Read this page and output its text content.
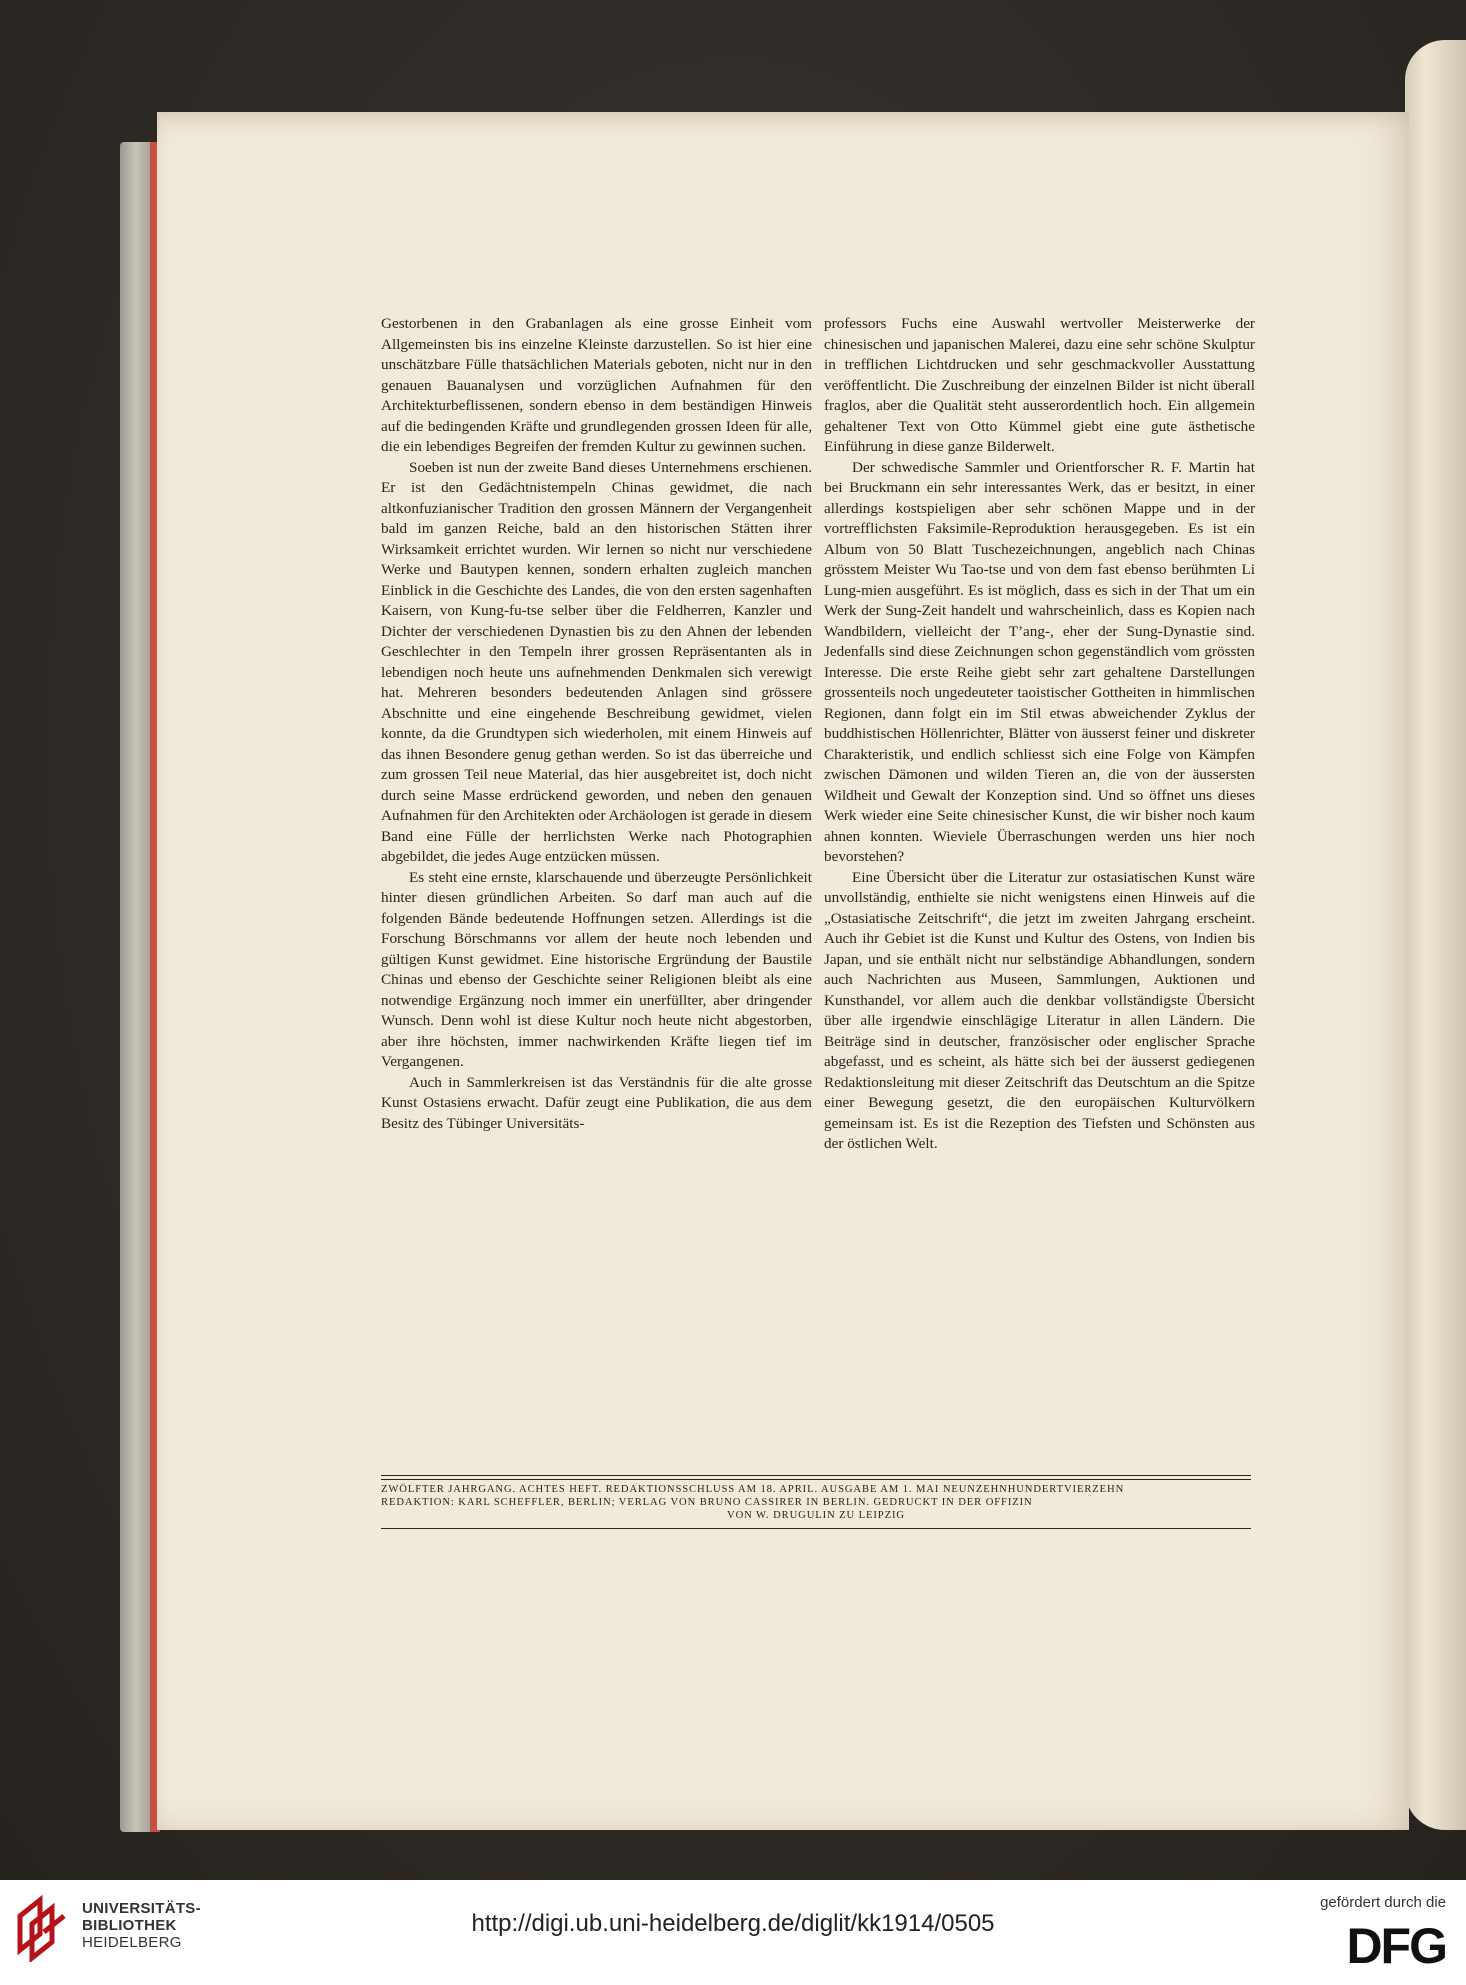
Gestorbenen in den Grabanlagen als eine grosse Einheit vom Allgemeinsten bis ins einzelne Kleinste darzustellen. So ist hier eine unschätzbare Fülle thatsächlichen Materials geboten, nicht nur in den genauen Bauanalysen und vorzüglichen Aufnahmen für den Architekturbeflissenen, sondern ebenso in dem beständigen Hinweis auf die bedingenden Kräfte und grundlegenden grossen Ideen für alle, die ein lebendiges Begreifen der fremden Kultur zu gewinnen suchen.

Soeben ist nun der zweite Band dieses Unternehmens erschienen. Er ist den Gedächtnistempeln Chinas gewidmet, die nach altkonfuzianischer Tradition den grossen Männern der Vergangenheit bald im ganzen Reiche, bald an den historischen Stätten ihrer Wirksamkeit errichtet wurden. Wir lernen so nicht nur verschiedene Werke und Bautypen kennen, sondern erhalten zugleich manchen Einblick in die Geschichte des Landes, die von den ersten sagenhaften Kaisern, von Kung-fu-tse selber über die Feldherren, Kanzler und Dichter der verschiedenen Dynastien bis zu den Ahnen der lebenden Geschlechter in den Tempeln ihrer grossen Repräsentanten als in lebendigen noch heute uns aufnehmenden Denkmalen sich verewigt hat. Mehreren besonders bedeutenden Anlagen sind grössere Abschnitte und eine eingehende Beschreibung gewidmet, vielen konnte, da die Grundtypen sich wiederholen, mit einem Hinweis auf das ihnen Besondere genug gethan werden. So ist das überreiche und zum grossen Teil neue Material, das hier ausgebreitet ist, doch nicht durch seine Masse erdrückend geworden, und neben den genauen Aufnahmen für den Architekten oder Archäologen ist gerade in diesem Band eine Fülle der herrlichsten Werke nach Photographien abgebildet, die jedes Auge entzücken müssen.

Es steht eine ernste, klarschauende und überzeugte Persönlichkeit hinter diesen gründlichen Arbeiten. So darf man auch auf die folgenden Bände bedeutende Hoffnungen setzen. Allerdings ist die Forschung Börschmanns vor allem der heute noch lebenden und gültigen Kunst gewidmet. Eine historische Ergründung der Baustile Chinas und ebenso der Geschichte seiner Religionen bleibt als eine notwendige Ergänzung noch immer ein unerfüllter, aber dringender Wunsch. Denn wohl ist diese Kultur noch heute nicht abgestorben, aber ihre höchsten, immer nachwirkenden Kräfte liegen tief im Vergangenen.

Auch in Sammlerkreisen ist das Verständnis für die alte grosse Kunst Ostasiens erwacht. Dafür zeugt eine Publikation, die aus dem Besitz des Tübinger Universitäts-

professors Fuchs eine Auswahl wertvoller Meisterwerke der chinesischen und japanischen Malerei, dazu eine sehr schöne Skulptur in trefflichen Lichtdrucken und sehr geschmackvoller Ausstattung veröffentlicht. Die Zuschreibung der einzelnen Bilder ist nicht überall fraglos, aber die Qualität steht ausserordentlich hoch. Ein allgemein gehaltener Text von Otto Kümmel giebt eine gute ästhetische Einführung in diese ganze Bilderwelt.

Der schwedische Sammler und Orientforscher R. F. Martin hat bei Bruckmann ein sehr interessantes Werk, das er besitzt, in einer allerdings kostspieligen aber sehr schönen Mappe und in der vortrefflichsten Faksimile-Reproduktion herausgegeben. Es ist ein Album von 50 Blatt Tuschezeichnungen, angeblich nach Chinas grösstem Meister Wu Tao-tse und von dem fast ebenso berühmten Li Lung-mien ausgeführt. Es ist möglich, dass es sich in der That um ein Werk der Sung-Zeit handelt und wahrscheinlich, dass es Kopien nach Wandbildern, vielleicht der T’ang-, eher der Sung-Dynastie sind. Jedenfalls sind diese Zeichnungen schon gegenständlich vom grössten Interesse. Die erste Reihe giebt sehr zart gehaltene Darstellungen grossenteils noch ungedeuteter taoistischer Gottheiten in himmlischen Regionen, dann folgt ein im Stil etwas abweichender Zyklus der buddhistischen Höllenrichter, Blätter von äusserst feiner und diskreter Charakteristik, und endlich schliesst sich eine Folge von Kämpfen zwischen Dämonen und wilden Tieren an, die von der äussersten Wildheit und Gewalt der Konzeption sind. Und so öffnet uns dieses Werk wieder eine Seite chinesischer Kunst, die wir bisher noch kaum ahnen konnten. Wieviele Überraschungen werden uns hier noch bevorstehen?

Eine Übersicht über die Literatur zur ostasiatischen Kunst wäre unvollständig, enthielte sie nicht wenigstens einen Hinweis auf die „Ostasiatische Zeitschrift“, die jetzt im zweiten Jahrgang erscheint. Auch ihr Gebiet ist die Kunst und Kultur des Ostens, von Indien bis Japan, und sie enthält nicht nur selbständige Abhandlungen, sondern auch Nachrichten aus Museen, Sammlungen, Auktionen und Kunsthandel, vor allem auch die denkbar vollständigste Übersicht über alle irgendwie einschlägige Literatur in allen Ländern. Die Beiträge sind in deutscher, französischer oder englischer Sprache abgefasst, und es scheint, als hätte sich bei der äusserst gediegenen Redaktionsleitung mit dieser Zeitschrift das Deutschtum an die Spitze einer Bewegung gesetzt, die den europäischen Kulturvölkern gemeinsam ist. Es ist die Rezeption des Tiefsten und Schönsten aus der östlichen Welt.

ZWÖLFTER JAHRGANG. ACHTES HEFT. REDAKTIONSSCHLUSS AM 18. APRIL. AUSGABE AM 1. MAI NEUNZEHNHUNDERTVIERZEHN
REDAKTION: KARL SCHEFFLER, BERLIN; VERLAG VON BRUNO CASSIRER IN BERLIN. GEDRUCKT IN DER OFFIZIN
VON W. DRUGULIN ZU LEIPZIG
UNIVERSITÄTS-
BIBLIOTHEK
HEIDELBERG
http://digi.ub.uni-heidelberg.de/diglit/kk1914/0505
gefördert durch die
DFG
